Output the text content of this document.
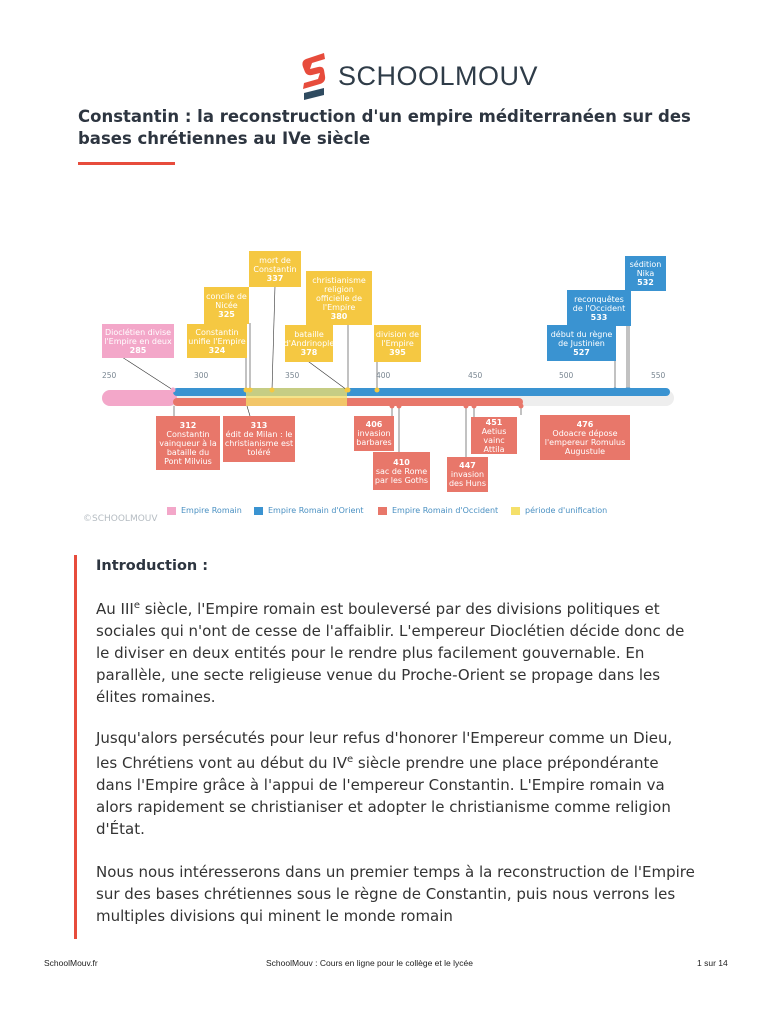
SCHOOLMOUV
Constantin : la reconstruction d'un empire méditerranéen sur des bases chrétiennes au IVe siècle
250	300	350	400	450	500	550
Dioclétien divise l'Empire en deux
285
Constantin unifie l'Empire
324
concile de Nicée
325
mort de Constantin
337
bataille d'Andrinople
378
christianisme religion officielle de l'Empire
380
division de l'Empire
395
début du règne de Justinien
527
reconquêtes de l'Occident
533
sédition Nika
532
312
Constantin vainqueur à la bataille du Pont Milvius
313
édit de Milan : le christianisme est toléré
406
invasion barbares
410
sac de Rome par les Goths
447
invasion des Huns
451
Aetius vainc Attila
476
Odoacre dépose l'empereur Romulus Augustule
Empire Romain	Empire Romain d'Orient	Empire Romain d'Occident	période d'unification
©SCHOOLMOUV
Introduction :

Au IIIe siècle, l'Empire romain est bouleversé par des divisions politiques et sociales qui n'ont de cesse de l'affaiblir. L'empereur Dioclétien décide donc de le diviser en deux entités pour le rendre plus facilement gouvernable. En parallèle, une secte religieuse venue du Proche-Orient se propage dans les élites romaines.

Jusqu'alors persécutés pour leur refus d'honorer l'Empereur comme un Dieu, les Chrétiens vont au début du IVe siècle prendre une place prépondérante dans l'Empire grâce à l'appui de l'empereur Constantin. L'Empire romain va alors rapidement se christianiser et adopter le christianisme comme religion d'État.

Nous nous intéresserons dans un premier temps à la reconstruction de l'Empire sur des bases chrétiennes sous le règne de Constantin, puis nous verrons les multiples divisions qui minent le monde romain

SchoolMouv.fr	SchoolMouv : Cours en ligne pour le collège et le lycée	1 sur 14
